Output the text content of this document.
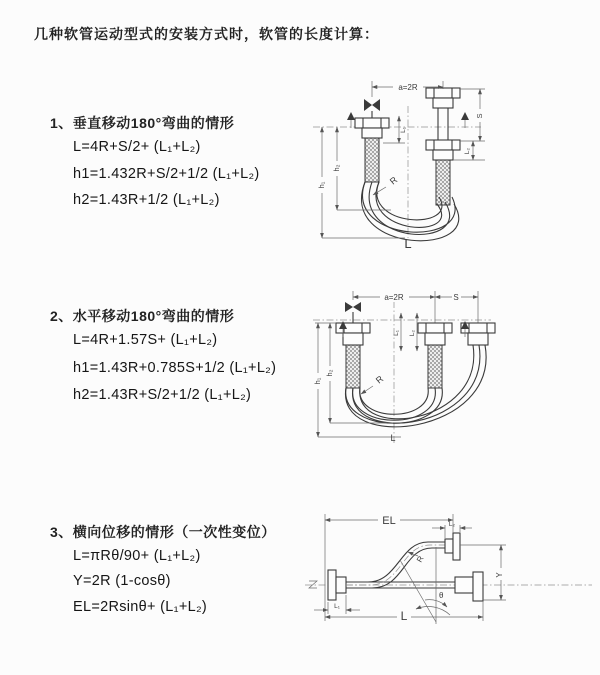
几种软管运动型式的安装方式时，软管的长度计算：
1、垂直移动180°弯曲的情形
L=4R+S/2+ (L₁+L₂)
h1=1.432R+S/2+1/2 (L₁+L₂)
h2=1.43R+1/2 (L₁+L₂)
2、水平移动180°弯曲的情形
L=4R+1.57S+ (L₁+L₂)
h1=1.43R+0.785S+1/2 (L₁+L₂)
h2=1.43R+S/2+1/2 (L₁+L₂)
3、横向位移的情形（一次性变位）
L=πRθ/90+ (L₁+L₂)
Y=2R (1-cosθ)
EL=2Rsinθ+ (L₁+L₂)
a=2R
h₁
h₂
S
L₂
L₁
R
L
a=2R	S
L₁ L₂
h₁
h₂
R
L
EL	L₂
Y
θ
R
L₁
L
